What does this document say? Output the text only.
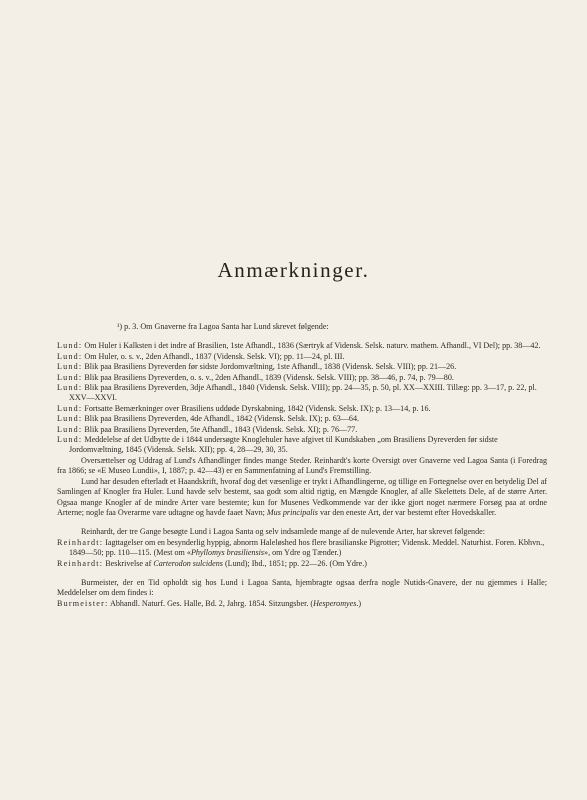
Anmærkninger.

¹) p. 3. Om Gnaverne fra Lagoa Santa har Lund skrevet følgende:

Lund: Om Huler i Kalksten i det indre af Brasilien, 1ste Afhandl., 1836 (Særtryk af Vidensk. Selsk. naturv. mathem. Afhandl., VI Del); pp. 38—42.

Lund: Om Huler, o. s. v., 2den Afhandl., 1837 (Vidensk. Selsk. VI); pp. 11—24, pl. III.

Lund: Blik paa Brasiliens Dyreverden før sidste Jordomvæltning, 1ste Afhandl., 1838 (Vidensk. Selsk. VIII); pp. 21—26.

Lund: Blik paa Brasiliens Dyreverden, o. s. v., 2den Afhandl., 1839 (Vidensk. Selsk. VIII); pp. 38—46, p. 74, p. 79—80.

Lund: Blik paa Brasiliens Dyreverden, 3dje Afhandl., 1840 (Vidensk. Selsk. VIII); pp. 24—35, p. 50, pl. XX—XXIII. Tillæg: pp. 3—17, p. 22, pl. XXV—XXVI.

Lund: Fortsatte Bemærkninger over Brasiliens uddøde Dyrskabning, 1842 (Vidensk. Selsk. IX); p. 13—14, p. 16.

Lund: Blik paa Brasiliens Dyreverden, 4de Afhandl., 1842 (Vidensk. Selsk. IX); p. 63—64.

Lund: Blik paa Brasiliens Dyreverden, 5te Afhandl., 1843 (Vidensk. Selsk. XI); p. 76—77.

Lund: Meddelelse af det Udbytte de i 1844 undersøgte Knoglehuler have afgivet til Kundskaben „om Brasiliens Dyreverden før sidste Jordomvæltning, 1845 (Vidensk. Selsk. XII); pp. 4, 28—29, 30, 35.

Oversættelser og Uddrag af Lund's Afhandlinger findes mange Steder. Reinhardt's korte Oversigt over Gnaverne ved Lagoa Santa (i Foredrag fra 1866; se «E Museo Lundii», I, 1887; p. 42—43) er en Sammenfatning af Lund's Fremstilling.

Lund har desuden efterladt et Haandskrift, hvoraf dog det væsenlige er trykt i Afhandlingerne, og tillige en Fortegnelse over en betydelig Del af Samlingen af Knogler fra Huler. Lund havde selv bestemt, saa godt som altid rigtig, en Mængde Knogler, af alle Skelettets Dele, af de større Arter. Ogsaa mange Knogler af de mindre Arter vare bestemte; kun for Musenes Vedkommende var der ikke gjort noget nærmere Forsøg paa at ordne Arterne; nogle faa Overarme vare udtagne og havde faaet Navn; Mus principalis var den eneste Art, der var bestemt efter Hovedskaller.

Reinhardt, der tre Gange besøgte Lund i Lagoa Santa og selv indsamlede mange af de nulevende Arter, har skrevet følgende:

Reinhardt: Iagttagelser om en besynderlig hyppig, abnorm Haleløshed hos flere brasilianske Pigrotter; Vidensk. Meddel. Naturhist. Foren. Kbhvn., 1849—50; pp. 110—115. (Mest om «Phyllomys brasiliensis», om Ydre og Tænder.)

Reinhardt: Beskrivelse af Carterodon sulcidens (Lund); Ibd., 1851; pp. 22—26. (Om Ydre.)

Burmeister, der en Tid opholdt sig hos Lund i Lagoa Santa, hjembragte ogsaa derfra nogle Nutids-Gnavere, der nu gjemmes i Halle; Meddelelser om dem findes i:

Burmeister: Abhandl. Naturf. Ges. Halle, Bd. 2, Jahrg. 1854. Sitzungsber. (Hesperomyes.)
